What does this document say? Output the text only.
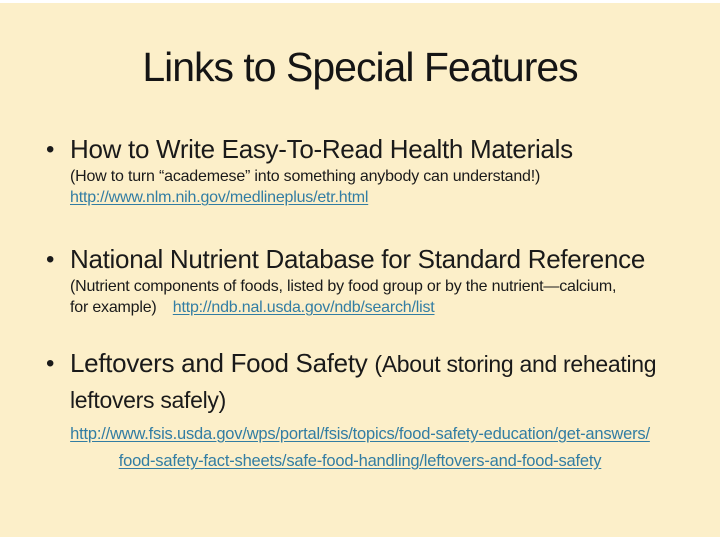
Links to Special Features
• How to Write Easy-To-Read Health Materials
(How to turn “academese” into something anybody can understand!)
http://www.nlm.nih.gov/medlineplus/etr.html
• National Nutrient Database for Standard Reference
(Nutrient components of foods, listed by food group or by the nutrient—calcium,
for example) http://ndb.nal.usda.gov/ndb/search/list
• Leftovers and Food Safety (About storing and reheating
leftovers safely)
http://www.fsis.usda.gov/wps/portal/fsis/topics/food-safety-education/get-answers/
food-safety-fact-sheets/safe-food-handling/leftovers-and-food-safety
